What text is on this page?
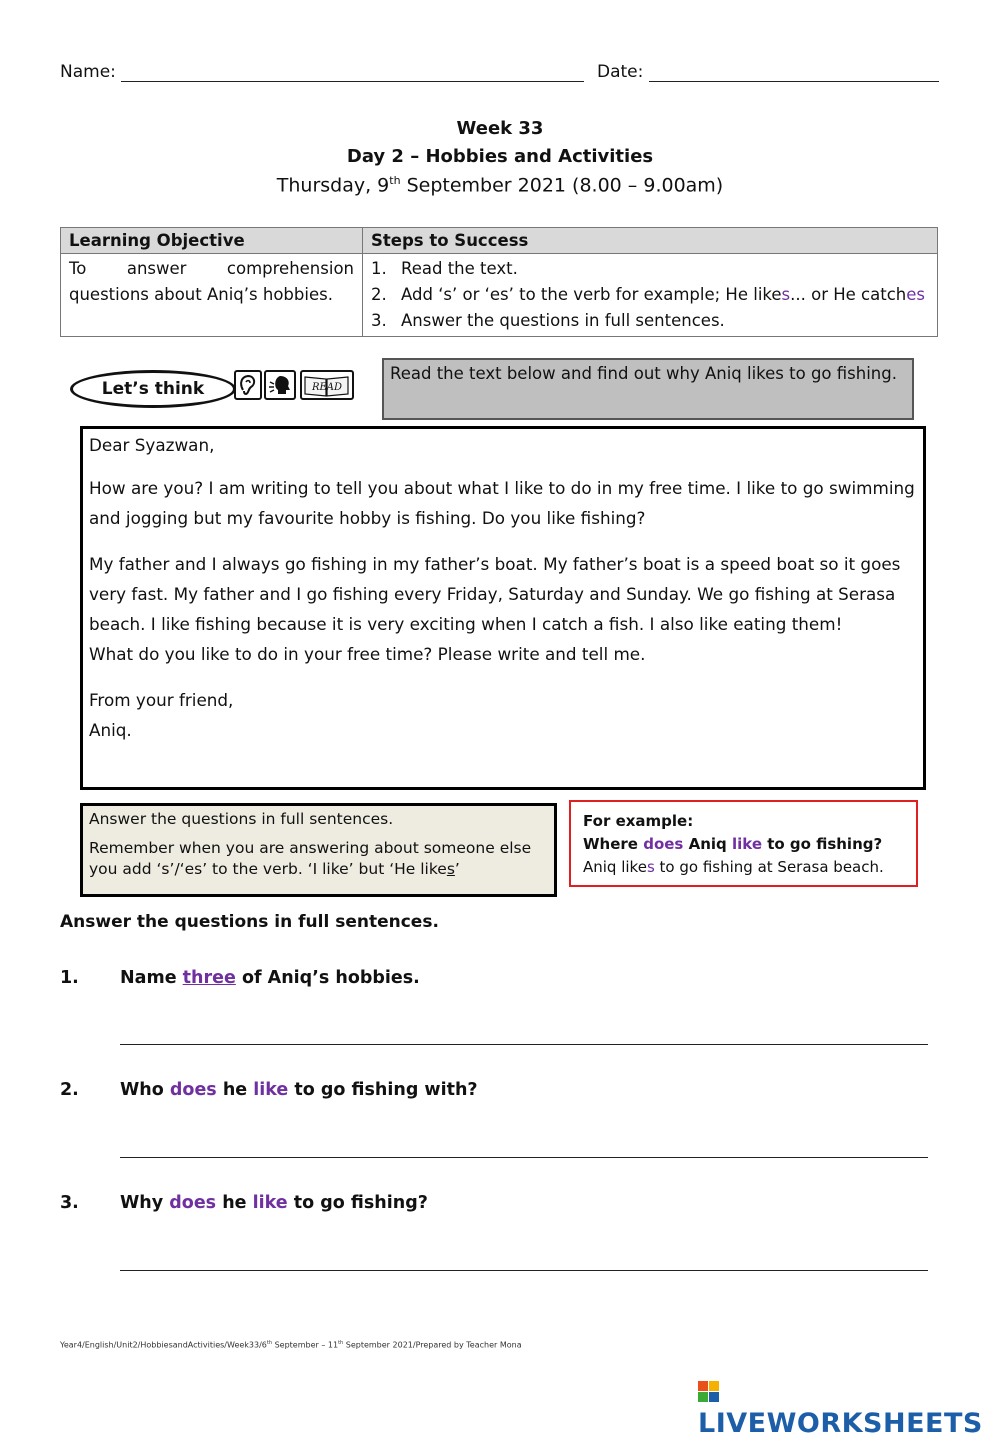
Name:	Date:
Week 33
Day 2 – Hobbies and Activities
Thursday, 9th September 2021 (8.00 – 9.00am)
Learning Objective	Steps to Success
To answer comprehension questions about Aniq’s hobbies.	1. Read the text.
2. Add ‘s’ or ‘es’ to the verb for example; He likes... or He catches
3. Answer the questions in full sentences.
Let’s think	READ
Read the text below and find out why Aniq likes to go fishing.

Dear Syazwan,

How are you? I am writing to tell you about what I like to do in my free time. I like to go swimming and jogging but my favourite hobby is fishing. Do you like fishing?

My father and I always go fishing in my father’s boat. My father’s boat is a speed boat so it goes very fast. My father and I go fishing every Friday, Saturday and Sunday. We go fishing at Serasa beach. I like fishing because it is very exciting when I catch a fish. I also like eating them!

What do you like to do in your free time? Please write and tell me.

From your friend,

Aniq.

Answer the questions in full sentences.
Remember when you are answering about someone else you add ‘s’/‘es’ to the verb. ‘I like’ but ‘He likes’
For example:
Where does Aniq like to go fishing?
Aniq likes to go fishing at Serasa beach.
Answer the questions in full sentences.
1. Name three of Aniq’s hobbies.
2. Who does he like to go fishing with?
3. Why does he like to go fishing?
Year4/English/Unit2/HobbiesandActivities/Week33/6th September – 11th September 2021/Prepared by Teacher Mona
LIVEWORKSHEETS
